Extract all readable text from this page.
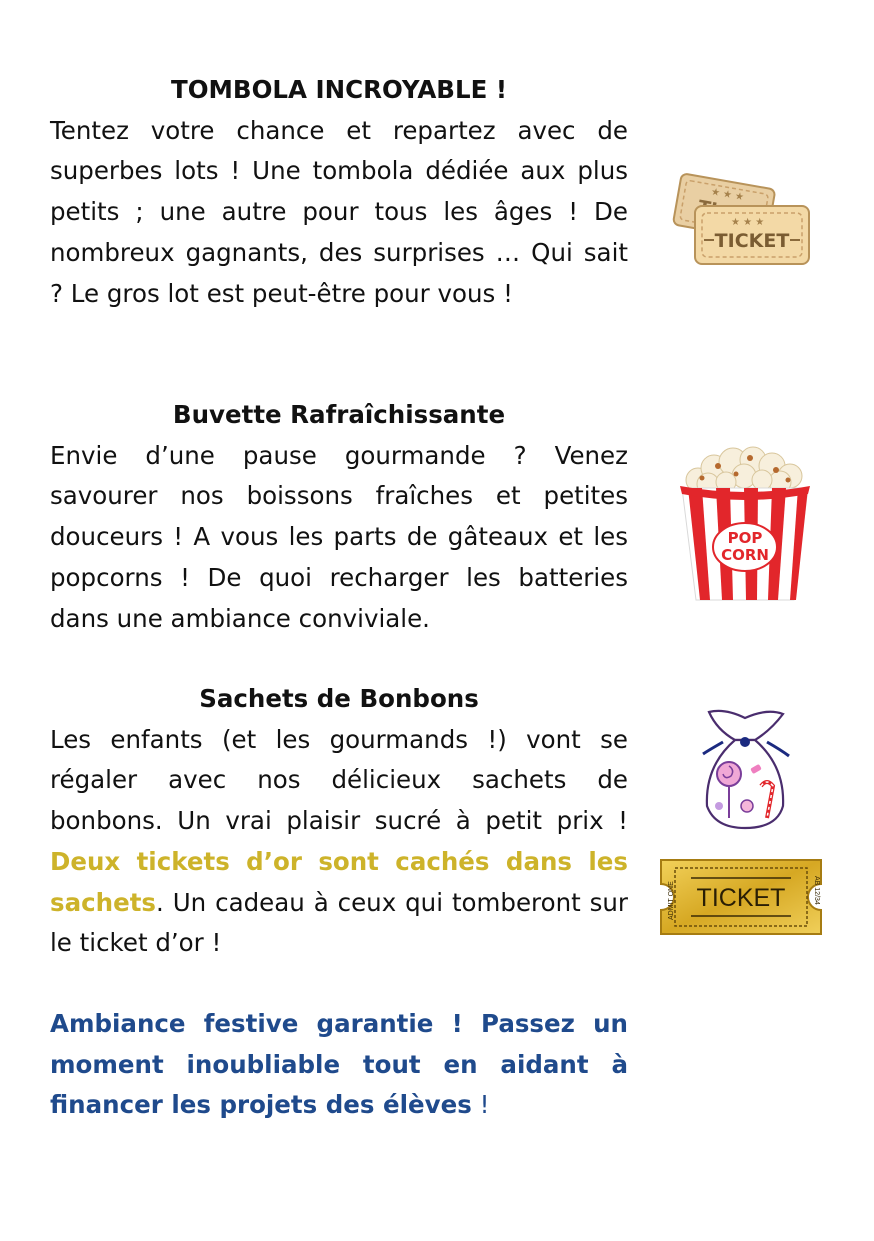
TOMBOLA INCROYABLE !

Tentez votre chance et repartez avec de superbes lots ! Une tombola dédiée aux plus petits ; une autre pour tous les âges ! De nombreux gagnants, des surprises … Qui sait ? Le gros lot est peut-être pour vous !

Buvette Rafraîchissante

Envie d’une pause gourmande ? Venez savourer nos boissons fraîches et petites douceurs ! A vous les parts de gâteaux et les popcorns ! De quoi recharger les batteries dans une ambiance conviviale.

Sachets de Bonbons

Les enfants (et les gourmands !) vont se régaler avec nos délicieux sachets de bonbons. Un vrai plaisir sucré à petit prix ! Deux tickets d’or sont cachés dans les sachets. Un cadeau à ceux qui tomberont sur le ticket d’or !

Ambiance festive garantie ! Passez un moment inoubliable tout en aidant à financer les projets des élèves !

★ ★ ★
★ ★ ★
TICKET
POP
CORN
TICKET
ADMIT ONE	AB 12/34
